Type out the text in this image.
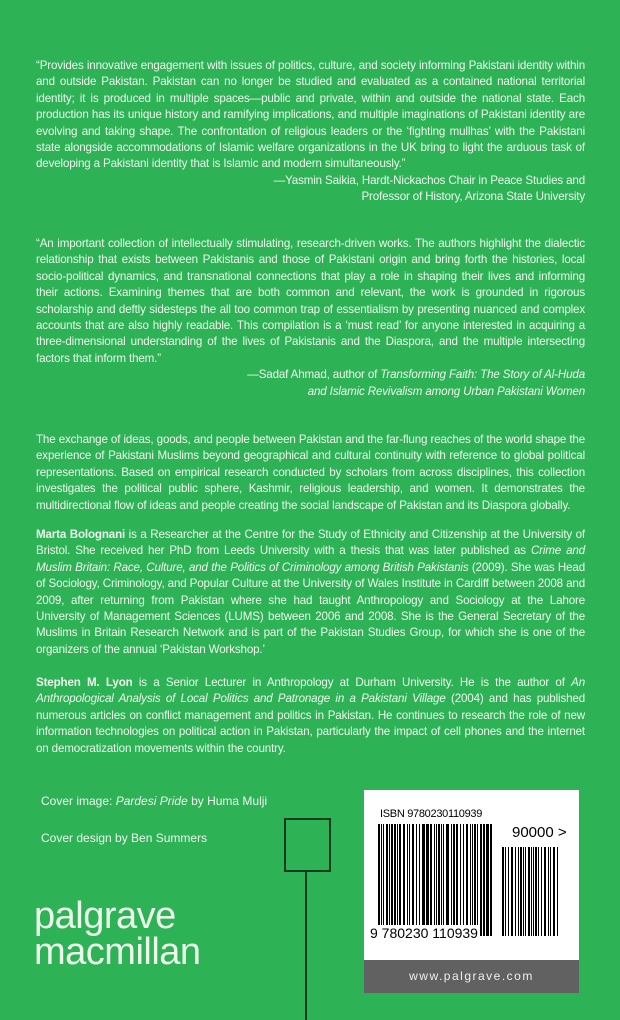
“Provides innovative engagement with issues of politics, culture, and society informing Pakistani identity within and outside Pakistan. Pakistan can no longer be studied and evaluated as a contained national territorial identity; it is produced in multiple spaces—public and private, within and outside the national state. Each production has its unique history and ramifying implications, and multiple imaginations of Pakistani identity are evolving and taking shape. The confrontation of religious leaders or the ‘fighting mullhas’ with the Pakistani state alongside accommodations of Islamic welfare organizations in the UK bring to light the arduous task of developing a Pakistani identity that is Islamic and modern simultaneously.”
—Yasmin Saikia, Hardt-Nickachos Chair in Peace Studies and
Professor of History, Arizona State University
“An important collection of intellectually stimulating, research-driven works. The authors highlight the dialectic relationship that exists between Pakistanis and those of Pakistani origin and bring forth the histories, local socio-political dynamics, and transnational connections that play a role in shaping their lives and informing their actions. Examining themes that are both common and relevant, the work is grounded in rigorous scholarship and deftly sidesteps the all too common trap of essentialism by presenting nuanced and complex accounts that are also highly readable. This compilation is a ‘must read’ for anyone interested in acquiring a three-dimensional understanding of the lives of Pakistanis and the Diaspora, and the multiple intersecting factors that inform them.”
—Sadaf Ahmad, author of Transforming Faith: The Story of Al-Huda
and Islamic Revivalism among Urban Pakistani Women
The exchange of ideas, goods, and people between Pakistan and the far-flung reaches of the world shape the experience of Pakistani Muslims beyond geographical and cultural continuity with reference to global political representations. Based on empirical research conducted by scholars from across disciplines, this collection investigates the political public sphere, Kashmir, religious leadership, and women. It demonstrates the multidirectional flow of ideas and people creating the social landscape of Pakistan and its Diaspora globally.
Marta Bolognani is a Researcher at the Centre for the Study of Ethnicity and Citizenship at the University of Bristol. She received her PhD from Leeds University with a thesis that was later published as Crime and Muslim Britain: Race, Culture, and the Politics of Criminology among British Pakistanis (2009). She was Head of Sociology, Criminology, and Popular Culture at the University of Wales Institute in Cardiff between 2008 and 2009, after returning from Pakistan where she had taught Anthropology and Sociology at the Lahore University of Management Sciences (LUMS) between 2006 and 2008. She is the General Secretary of the Muslims in Britain Research Network and is part of the Pakistan Studies Group, for which she is one of the organizers of the annual ‘Pakistan Workshop.’
Stephen M. Lyon is a Senior Lecturer in Anthropology at Durham University. He is the author of An Anthropological Analysis of Local Politics and Patronage in a Pakistani Village (2004) and has published numerous articles on conflict management and politics in Pakistan. He continues to research the role of new information technologies on political action in Pakistan, particularly the impact of cell phones and the internet on democratization movements within the country.
Cover image: Pardesi Pride by Huma Mulji
Cover design by Ben Summers
palgrave
macmillan
ISBN 9780230110939
90000 >
9 780230 110939
www.palgrave.com
